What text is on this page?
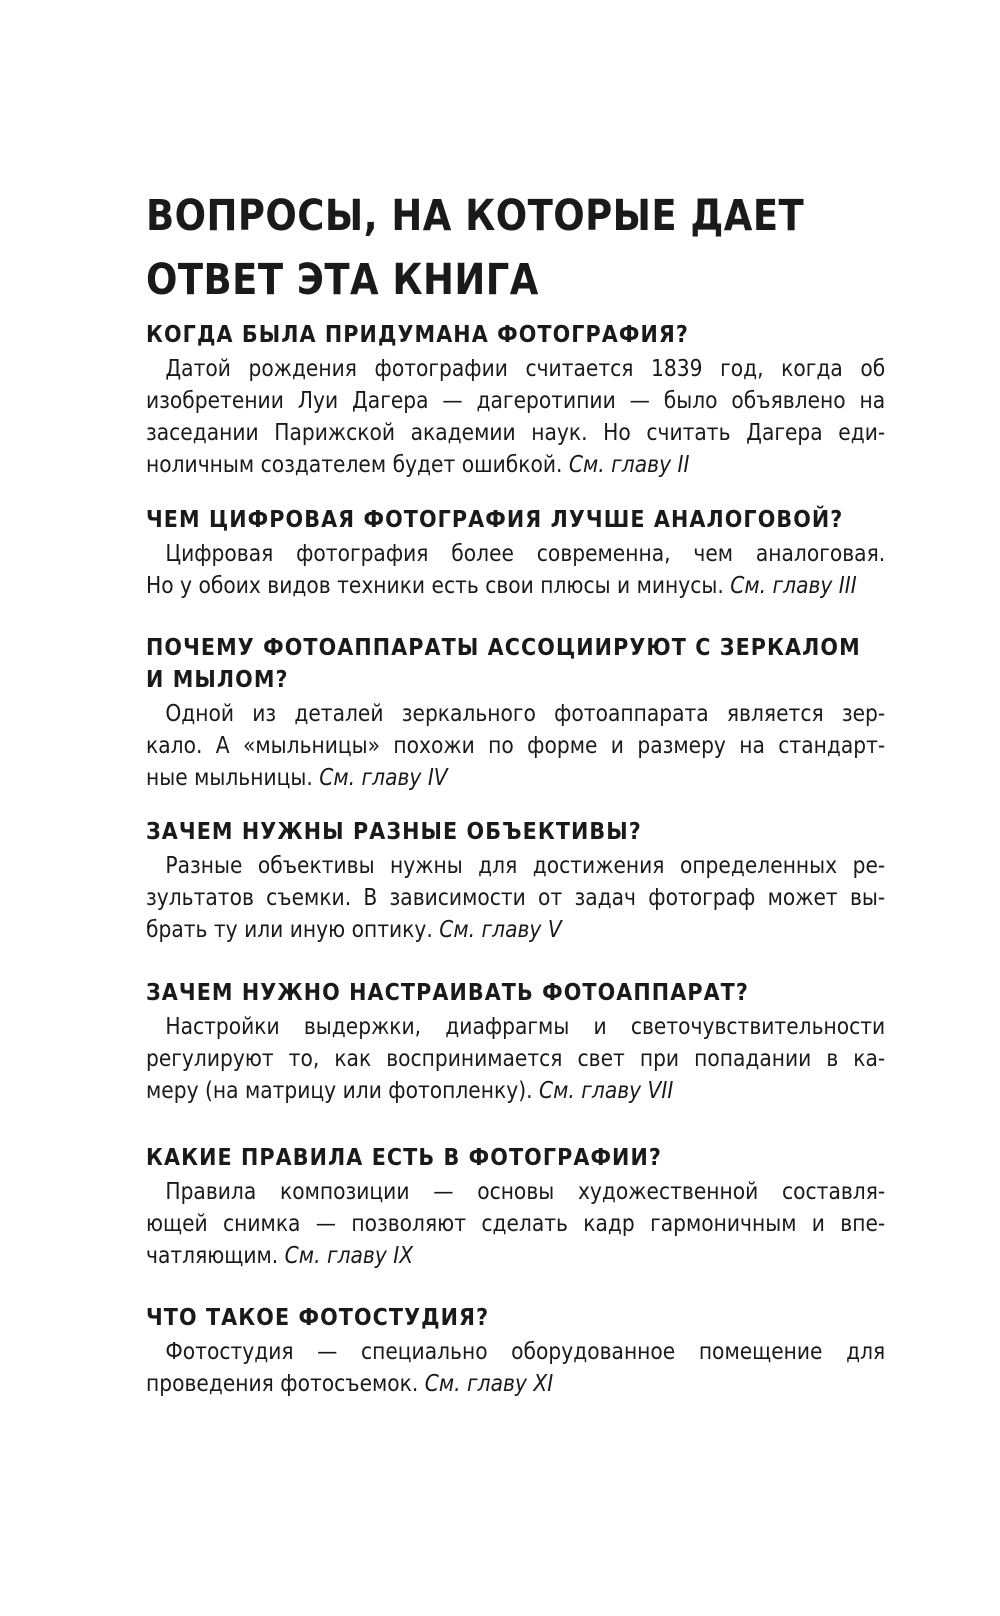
ВОПРОСЫ, НА КОТОРЫЕ ДАЕТ
ОТВЕТ ЭТА КНИГА
КОГДА БЫЛА ПРИДУМАНА ФОТОГРАФИЯ?

Датой рождения фотографии считается 1839 год, когда об
изобретении Луи Дагера — дагеротипии — было объявлено на
заседании Парижской академии наук. Но считать Дагера еди-
ноличным создателем будет ошибкой. См. главу II

ЧЕМ ЦИФРОВАЯ ФОТОГРАФИЯ ЛУЧШЕ АНАЛОГОВОЙ?

Цифровая фотография более современна, чем аналоговая.
Но у обоих видов техники есть свои плюсы и минусы. См. главу III

ПОЧЕМУ ФОТОАППАРАТЫ АССОЦИИРУЮТ С ЗЕРКАЛОМ
И МЫЛОМ?

Одной из деталей зеркального фотоаппарата является зер-
кало. А «мыльницы» похожи по форме и размеру на стандарт-
ные мыльницы. См. главу IV

ЗАЧЕМ НУЖНЫ РАЗНЫЕ ОБЪЕКТИВЫ?

Разные объективы нужны для достижения определенных ре-
зультатов съемки. В зависимости от задач фотограф может вы-
брать ту или иную оптику. См. главу V

ЗАЧЕМ НУЖНО НАСТРАИВАТЬ ФОТОАППАРАТ?

Настройки выдержки, диафрагмы и светочувствительности
регулируют то, как воспринимается свет при попадании в ка-
меру (на матрицу или фотопленку). См. главу VII

КАКИЕ ПРАВИЛА ЕСТЬ В ФОТОГРАФИИ?

Правила композиции — основы художественной составля-
ющей снимка — позволяют сделать кадр гармоничным и впе-
чатляющим. См. главу IX

ЧТО ТАКОЕ ФОТОСТУДИЯ?

Фотостудия — специально оборудованное помещение для
проведения фотосъемок. См. главу XI
